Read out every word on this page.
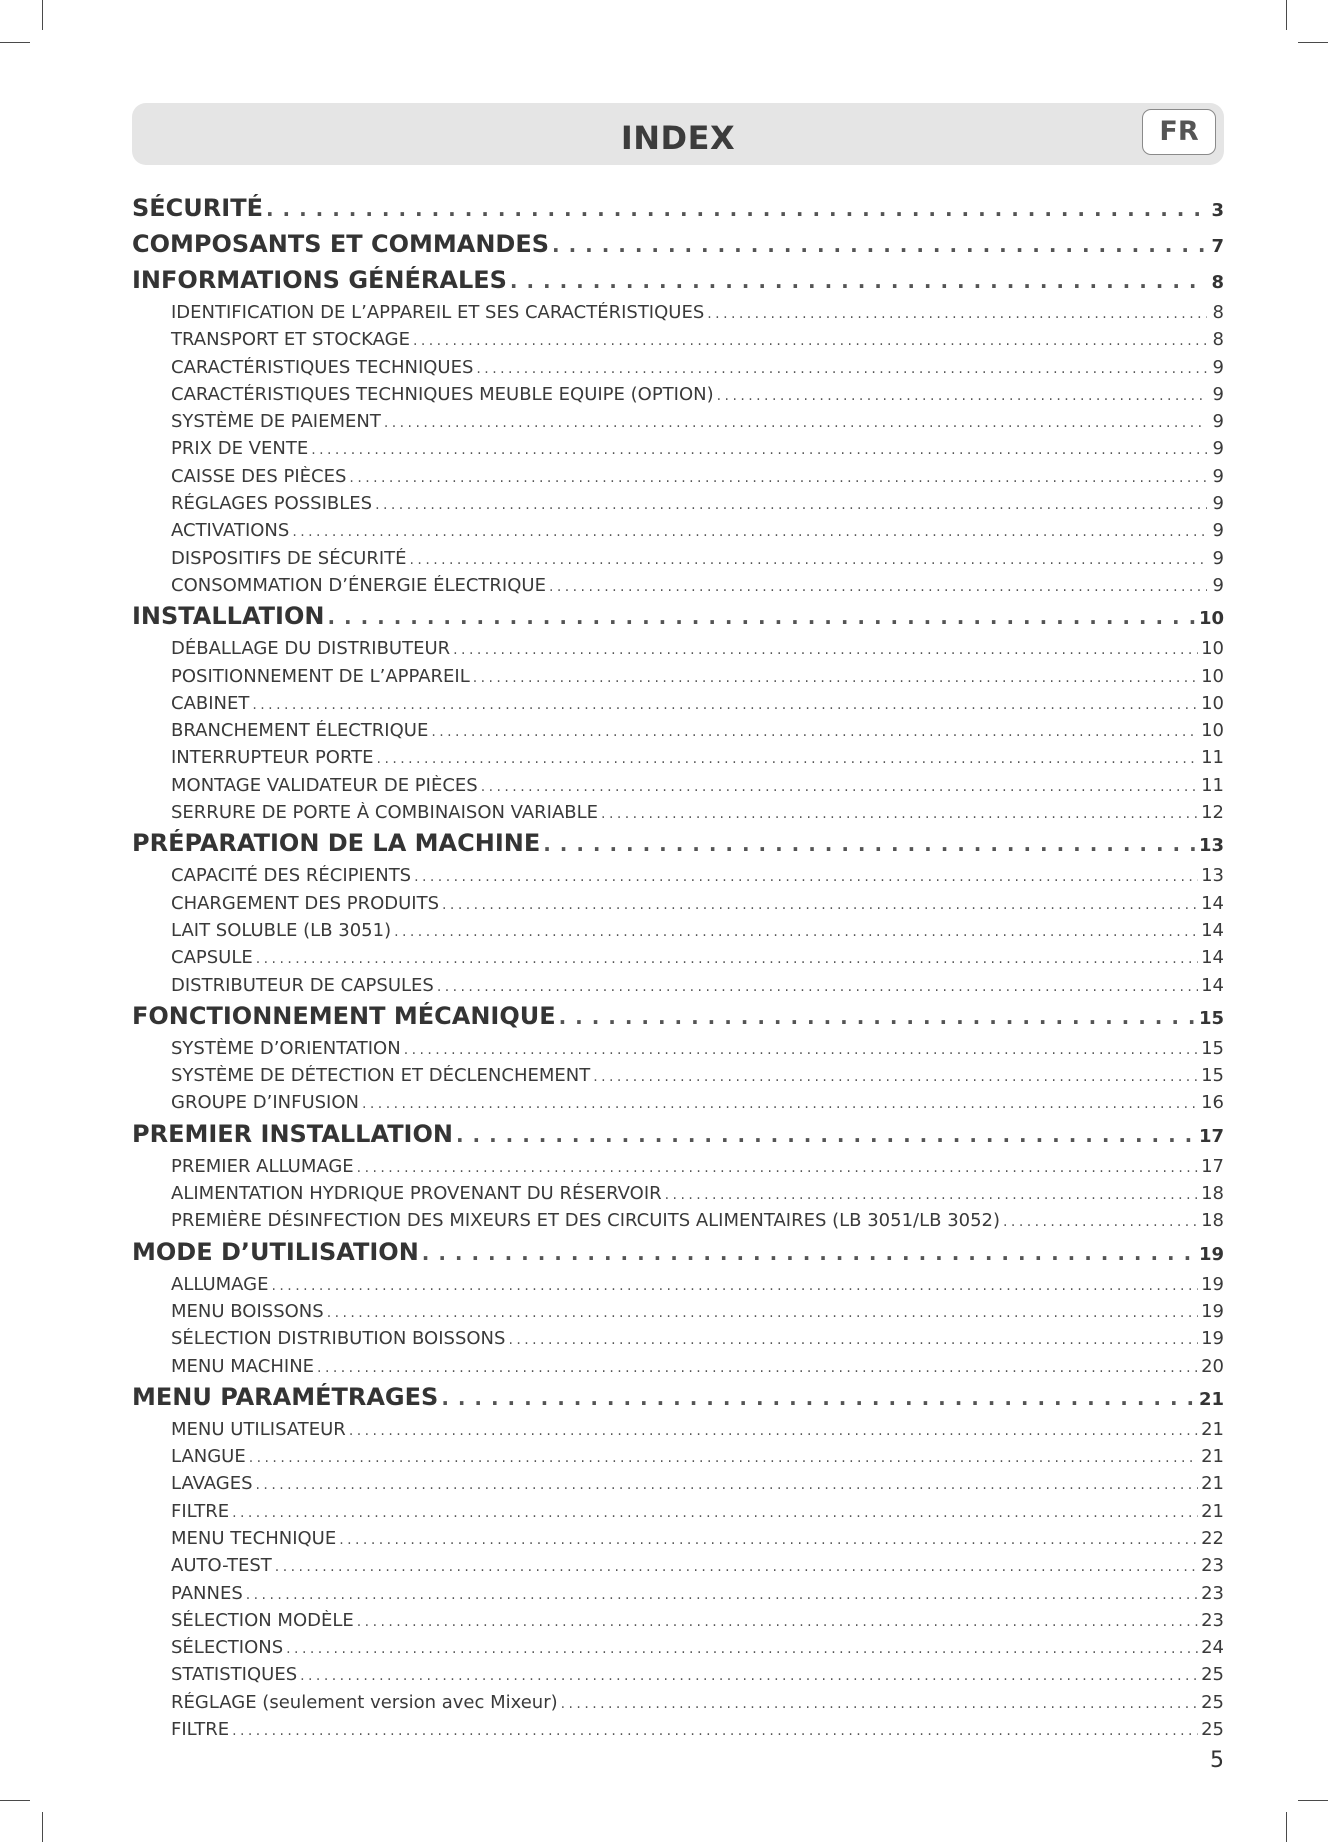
INDEX	FR
SÉCURITÉ . . .	3
COMPOSANTS ET COMMANDES . . .	7
INFORMATIONS GÉNÉRALES . . .	8
IDENTIFICATION DE L’APPAREIL ET SES CARACTÉRISTIQUES . . .	8
TRANSPORT ET STOCKAGE . . .	8
CARACTÉRISTIQUES TECHNIQUES . . .	9
CARACTÉRISTIQUES TECHNIQUES MEUBLE EQUIPE (OPTION) . . .	9
SYSTÈME DE PAIEMENT . . .	9
PRIX DE VENTE . . .	9
CAISSE DES PIÈCES . . .	9
RÉGLAGES POSSIBLES . . .	9
ACTIVATIONS . . .	9
DISPOSITIFS DE SÉCURITÉ . . .	9
CONSOMMATION D’ÉNERGIE ÉLECTRIQUE . . .	9
INSTALLATION . . .	10
DÉBALLAGE DU DISTRIBUTEUR . . .	10
POSITIONNEMENT DE L’APPAREIL . . .	10
CABINET . . .	10
BRANCHEMENT ÉLECTRIQUE . . .	10
INTERRUPTEUR PORTE . . .	11
MONTAGE VALIDATEUR DE PIÈCES . . .	11
SERRURE DE PORTE À COMBINAISON VARIABLE . . .	12
PRÉPARATION DE LA MACHINE . . .	13
CAPACITÉ DES RÉCIPIENTS . . .	13
CHARGEMENT DES PRODUITS . . .	14
LAIT SOLUBLE (LB 3051) . . .	14
CAPSULE . . .	14
DISTRIBUTEUR DE CAPSULES . . .	14
FONCTIONNEMENT MÉCANIQUE . . .	15
SYSTÈME D’ORIENTATION . . .	15
SYSTÈME DE DÉTECTION ET DÉCLENCHEMENT . . .	15
GROUPE D’INFUSION . . .	16
PREMIER INSTALLATION . . .	17
PREMIER ALLUMAGE . . .	17
ALIMENTATION HYDRIQUE PROVENANT DU RÉSERVOIR . . .	18
PREMIÈRE DÉSINFECTION DES MIXEURS ET DES CIRCUITS ALIMENTAIRES (LB 3051/LB 3052) . . .	18
MODE D’UTILISATION . . .	19
ALLUMAGE . . .	19
MENU BOISSONS . . .	19
SÉLECTION DISTRIBUTION BOISSONS . . .	19
MENU MACHINE . . .	20
MENU PARAMÉTRAGES . . .	21
MENU UTILISATEUR . . .	21
LANGUE . . .	21
LAVAGES . . .	21
FILTRE . . .	21
MENU TECHNIQUE . . .	22
AUTO-TEST . . .	23
PANNES . . .	23
SÉLECTION MODÈLE . . .	23
SÉLECTIONS . . .	24
STATISTIQUES . . .	25
RÉGLAGE (seulement version avec Mixeur) . . .	25
FILTRE . . .	25
5
